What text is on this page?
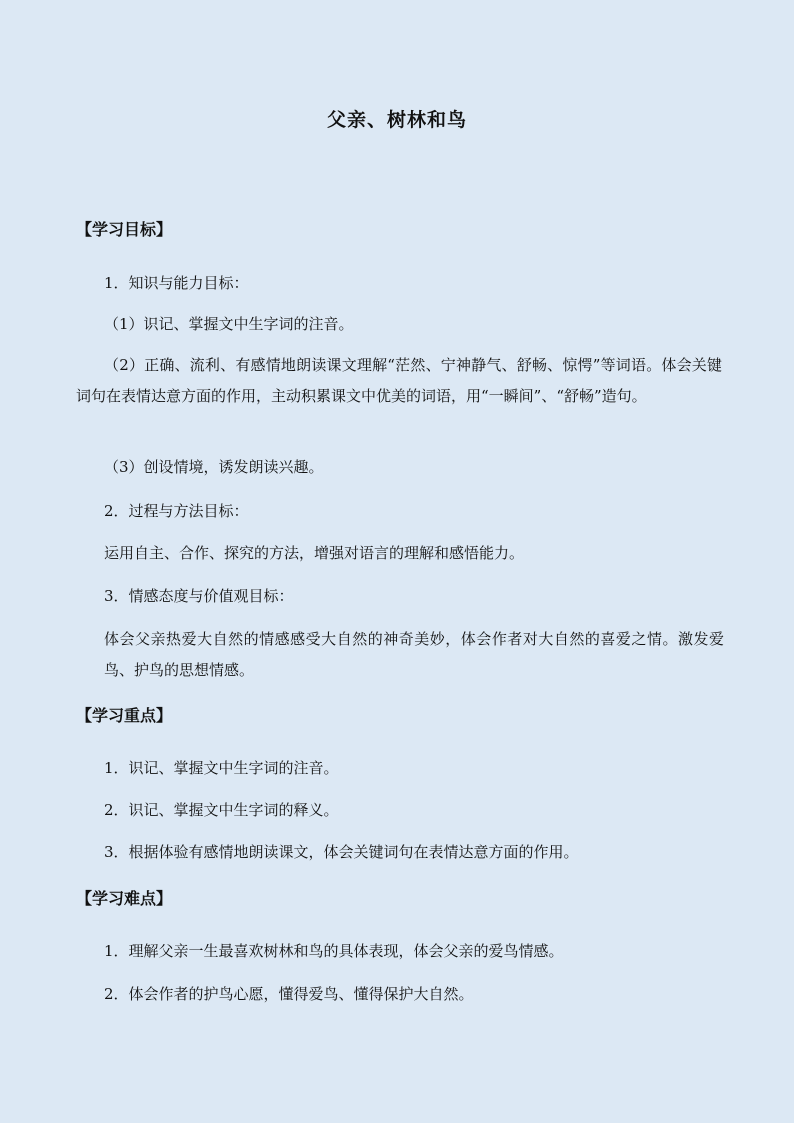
父亲、树林和鸟
【学习目标】
1．知识与能力目标：
（1）识记、掌握文中生字词的注音。
（2）正确、流利、有感情地朗读课文理解“茫然、宁神静气、舒畅、惊愕”等词语。体会关键词句在表情达意方面的作用，主动积累课文中优美的词语，用“一瞬间”、“舒畅”造句。
（3）创设情境，诱发朗读兴趣。
2．过程与方法目标：
运用自主、合作、探究的方法，增强对语言的理解和感悟能力。
3．情感态度与价值观目标：
体会父亲热爱大自然的情感感受大自然的神奇美妙，体会作者对大自然的喜爱之情。激发爱鸟、护鸟的思想情感。
【学习重点】
1．识记、掌握文中生字词的注音。
2．识记、掌握文中生字词的释义。
3．根据体验有感情地朗读课文，体会关键词句在表情达意方面的作用。
【学习难点】
1．理解父亲一生最喜欢树林和鸟的具体表现，体会父亲的爱鸟情感。
2．体会作者的护鸟心愿，懂得爱鸟、懂得保护大自然。
